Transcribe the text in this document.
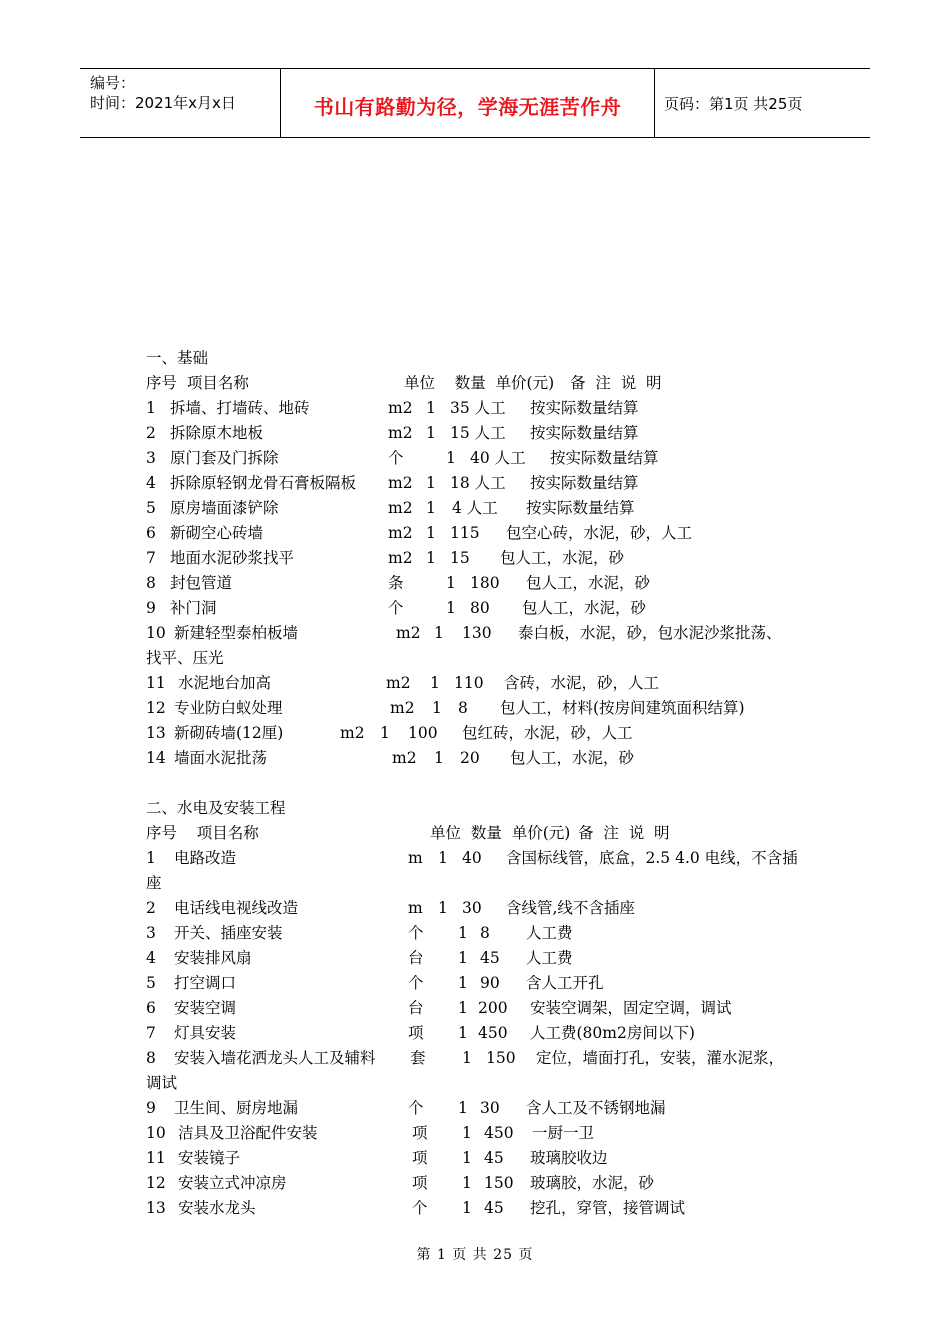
编号：
时间：2021年x月x日	书山有路勤为径，学海无涯苦作舟	页码：第1页 共25页
一、基础
序号  项目名称	单位    数量  单价(元) 备  注  说  明
1 拆墙、打墙砖、地砖	m2 1 35 人工 按实际数量结算
2 拆除原木地板	m2 1 15 人工 按实际数量结算
3 原门套及门拆除	个	1 40 人工 按实际数量结算
4 拆除原轻钢龙骨石膏板隔板 m2 1 18 人工 按实际数量结算
5 原房墙面漆铲除	m2 1 4 人工 按实际数量结算
6 新砌空心砖墙	m2 1 115 包空心砖，水泥，砂，人工
7 地面水泥砂浆找平	m2 1 15 包人工，水泥，砂
8 封包管道	条	1 180 包人工，水泥，砂
9 补门洞	个	1 80 包人工，水泥，砂
10 新建轻型泰柏板墙	m2 1 130 泰白板，水泥，砂，包水泥沙浆批荡、
找平、压光
11 水泥地台加高	m2 1 110 含砖，水泥，砂，人工
12 专业防白蚁处理	m2 1 8 包人工，材料(按房间建筑面积结算)
13 新砌砖墙(12厘)	m2 1 100 包红砖，水泥，砂，人工
14 墙面水泥批荡	m2 1 20 包人工，水泥，砂
二、水电及安装工程
序号    项目名称	单位  数量  单价(元) 备  注  说  明
1 电路改造	m 1 40 含国标线管，底盒，2.5 4.0 电线，不含插
座
2 电话线电视线改造	m 1 30 含线管,线不含插座
3 开关、插座安装	个 1 8 人工费
4 安装排风扇	台 1 45 人工费
5 打空调口	个 1 90 含人工开孔
6 安装空调	台 1 200 安装空调架，固定空调，调试
7 灯具安装	项 1 450 人工费(80m2房间以下)
8 安装入墙花洒龙头人工及辅料 套 1 150 定位，墙面打孔，安装，灌水泥浆，
调试
9 卫生间、厨房地漏	个 1 30 含人工及不锈钢地漏
10 洁具及卫浴配件安装	项 1 450 一厨一卫
11 安装镜子	项 1 45 玻璃胶收边
12 安装立式冲凉房	项 1 150 玻璃胶，水泥，砂
13 安装水龙头	个 1 45 挖孔，穿管，接管调试
第 1 页 共 25 页
